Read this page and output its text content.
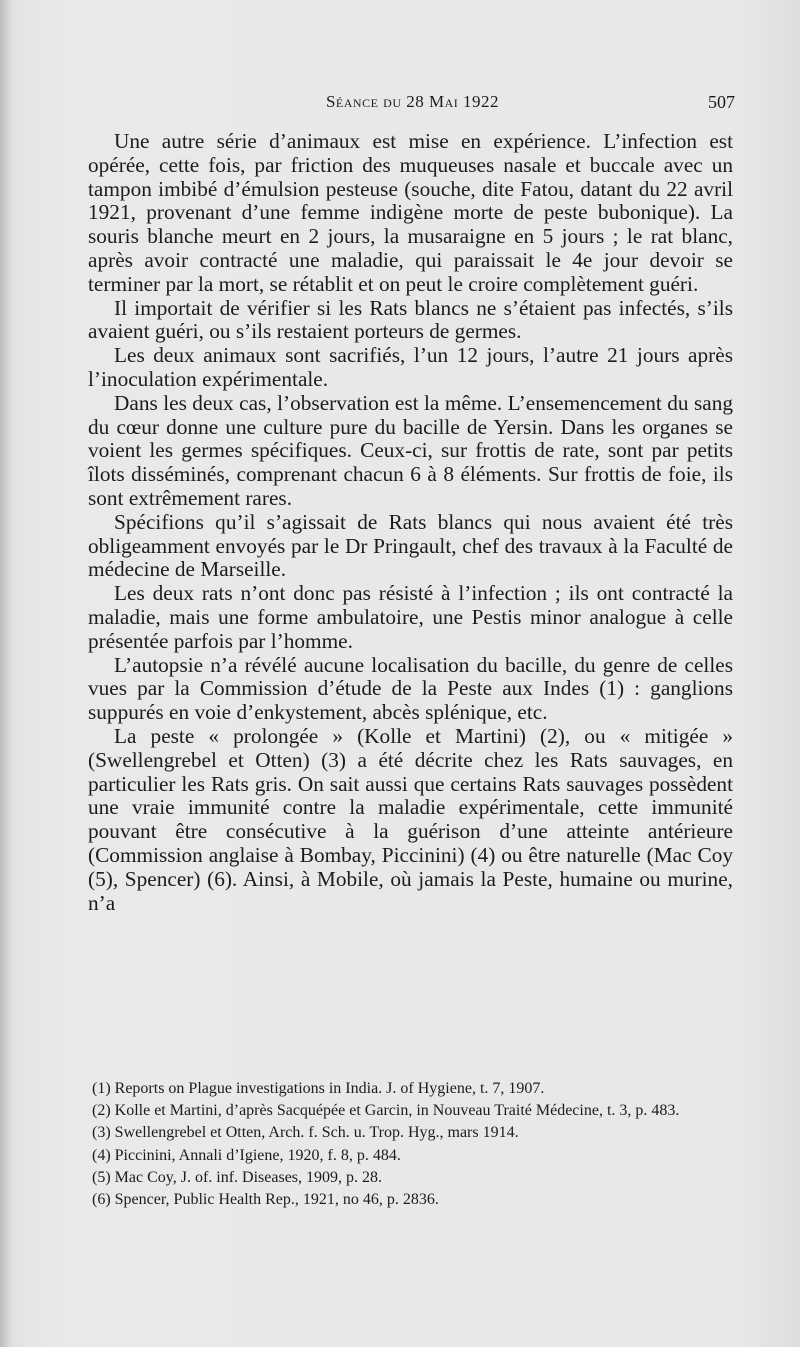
Séance du 28 Mai 1922	507

Une autre série d’animaux est mise en expérience. L’infection est opérée, cette fois, par friction des muqueuses nasale et buccale avec un tampon imbibé d’émulsion pesteuse (souche, dite Fatou, datant du 22 avril 1921, provenant d’une femme indigène morte de peste bubonique). La souris blanche meurt en 2 jours, la musaraigne en 5 jours ; le rat blanc, après avoir contracté une maladie, qui paraissait le 4e jour devoir se terminer par la mort, se rétablit et on peut le croire complètement guéri.

Il importait de vérifier si les Rats blancs ne s’étaient pas infectés, s’ils avaient guéri, ou s’ils restaient porteurs de germes.

Les deux animaux sont sacrifiés, l’un 12 jours, l’autre 21 jours après l’inoculation expérimentale.

Dans les deux cas, l’observation est la même. L’ensemencement du sang du cœur donne une culture pure du bacille de Yersin. Dans les organes se voient les germes spécifiques. Ceux-ci, sur frottis de rate, sont par petits îlots disséminés, comprenant chacun 6 à 8 éléments. Sur frottis de foie, ils sont extrêmement rares.

Spécifions qu’il s’agissait de Rats blancs qui nous avaient été très obligeamment envoyés par le Dr Pringault, chef des travaux à la Faculté de médecine de Marseille.

Les deux rats n’ont donc pas résisté à l’infection ; ils ont contracté la maladie, mais une forme ambulatoire, une Pestis minor analogue à celle présentée parfois par l’homme.

L’autopsie n’a révélé aucune localisation du bacille, du genre de celles vues par la Commission d’étude de la Peste aux Indes (1) : ganglions suppurés en voie d’enkystement, abcès splénique, etc.

La peste « prolongée » (Kolle et Martini) (2), ou « mitigée » (Swellengrebel et Otten) (3) a été décrite chez les Rats sauvages, en particulier les Rats gris. On sait aussi que certains Rats sauvages possèdent une vraie immunité contre la maladie expérimentale, cette immunité pouvant être consécutive à la guérison d’une atteinte antérieure (Commission anglaise à Bombay, Piccinini) (4) ou être naturelle (Mac Coy (5), Spencer) (6). Ainsi, à Mobile, où jamais la Peste, humaine ou murine, n’a

(1) Reports on Plague investigations in India. J. of Hygiene, t. 7, 1907.

(2) Kolle et Martini, d’après Sacquépée et Garcin, in Nouveau Traité Médecine, t. 3, p. 483.

(3) Swellengrebel et Otten, Arch. f. Sch. u. Trop. Hyg., mars 1914.

(4) Piccinini, Annali d’Igiene, 1920, f. 8, p. 484.

(5) Mac Coy, J. of. inf. Diseases, 1909, p. 28.

(6) Spencer, Public Health Rep., 1921, no 46, p. 2836.
